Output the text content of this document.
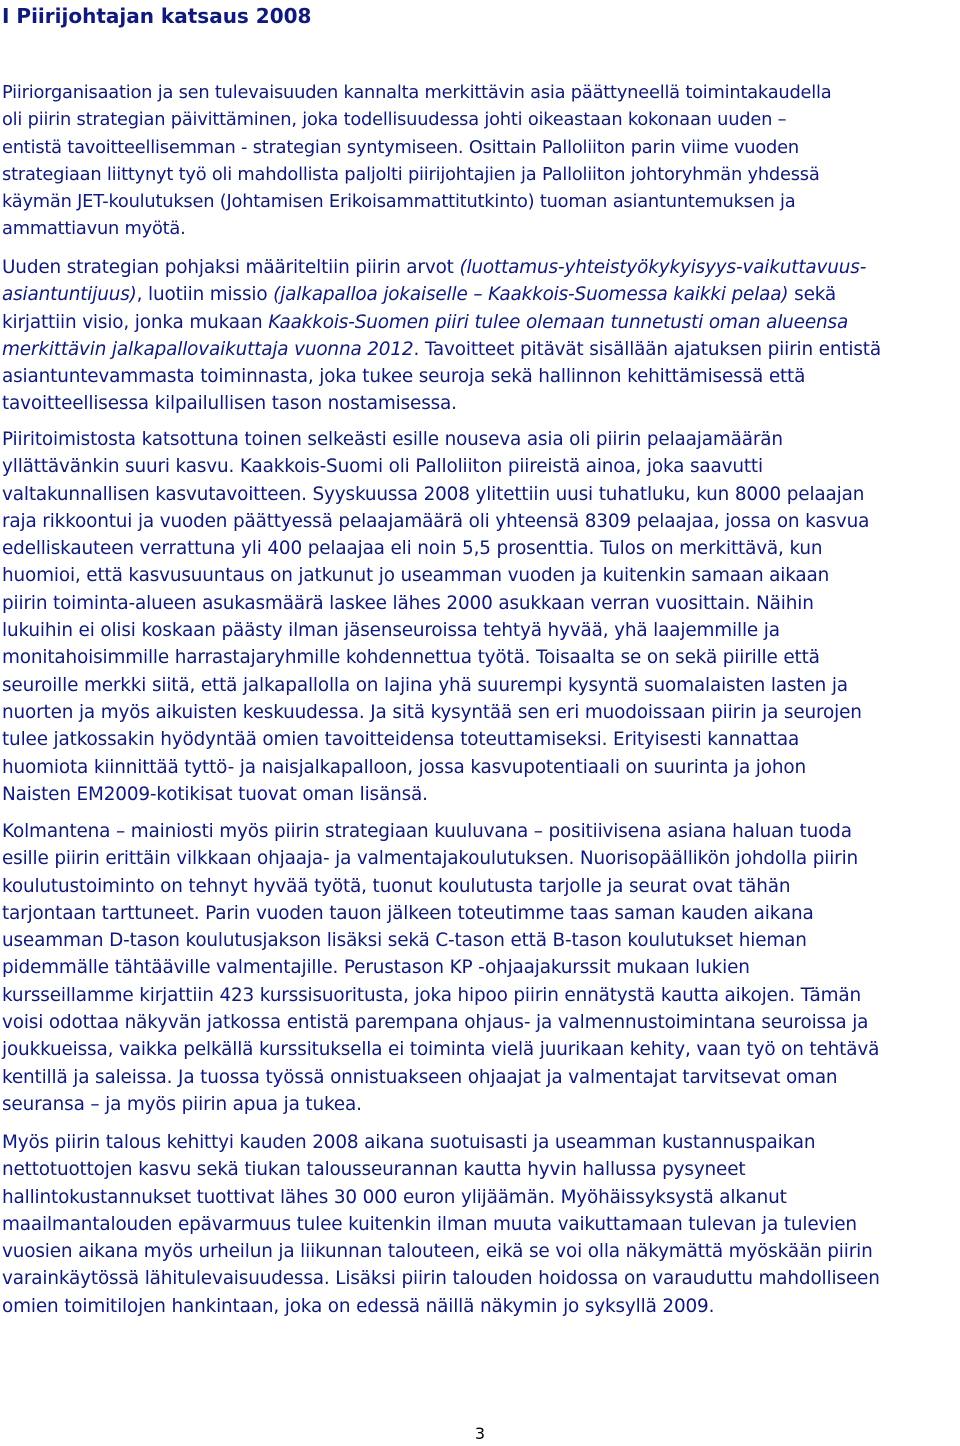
I Piirijohtajan katsaus 2008
Piiriorganisaation ja sen tulevaisuuden kannalta merkittävin asia päättyneellä toimintakaudella
oli piirin strategian päivittäminen, joka todellisuudessa johti oikeastaan kokonaan uuden –
entistä tavoitteellisemman - strategian syntymiseen. Osittain Palloliiton parin viime vuoden
strategiaan liittynyt työ oli mahdollista paljolti piirijohtajien ja Palloliiton johtoryhmän yhdessä
käymän JET-koulutuksen (Johtamisen Erikoisammattitutkinto) tuoman asiantuntemuksen ja
ammattiavun myötä.
Uuden strategian pohjaksi määriteltiin piirin arvot (luottamus-yhteistyökykyisyys-vaikuttavuus-
asiantuntijuus), luotiin missio (jalkapalloa jokaiselle – Kaakkois-Suomessa kaikki pelaa) sekä
kirjattiin visio, jonka mukaan Kaakkois-Suomen piiri tulee olemaan tunnetusti oman alueensa
merkittävin jalkapallovaikuttaja vuonna 2012. Tavoitteet pitävät sisällään ajatuksen piirin entistä
asiantuntevammasta toiminnasta, joka tukee seuroja sekä hallinnon kehittämisessä että
tavoitteellisessa kilpailullisen tason nostamisessa.
Piiritoimistosta katsottuna toinen selkeästi esille nouseva asia oli piirin pelaajamäärän
yllättävänkin suuri kasvu. Kaakkois-Suomi oli Palloliiton piireistä ainoa, joka saavutti
valtakunnallisen kasvutavoitteen. Syyskuussa 2008 ylitettiin uusi tuhatluku, kun 8000 pelaajan
raja rikkoontui ja vuoden päättyessä pelaajamäärä oli yhteensä 8309 pelaajaa, jossa on kasvua
edelliskauteen verrattuna yli 400 pelaajaa eli noin 5,5 prosenttia. Tulos on merkittävä, kun
huomioi, että kasvusuuntaus on jatkunut jo useamman vuoden ja kuitenkin samaan aikaan
piirin toiminta-alueen asukasmäärä laskee lähes 2000 asukkaan verran vuosittain. Näihin
lukuihin ei olisi koskaan päästy ilman jäsenseuroissa tehtyä hyvää, yhä laajemmille ja
monitahoisimmille harrastajaryhmille kohdennettua työtä. Toisaalta se on sekä piirille että
seuroille merkki siitä, että jalkapallolla on lajina yhä suurempi kysyntä suomalaisten lasten ja
nuorten ja myös aikuisten keskuudessa. Ja sitä kysyntää sen eri muodoissaan piirin ja seurojen
tulee jatkossakin hyödyntää omien tavoitteidensa toteuttamiseksi. Erityisesti kannattaa
huomiota kiinnittää tyttö- ja naisjalkapalloon, jossa kasvupotentiaali on suurinta ja johon
Naisten EM2009-kotikisat tuovat oman lisänsä.
Kolmantena – mainiosti myös piirin strategiaan kuuluvana – positiivisena asiana haluan tuoda
esille piirin erittäin vilkkaan ohjaaja- ja valmentajakoulutuksen. Nuorisopäällikön johdolla piirin
koulutustoiminto on tehnyt hyvää työtä, tuonut koulutusta tarjolle ja seurat ovat tähän
tarjontaan tarttuneet. Parin vuoden tauon jälkeen toteutimme taas saman kauden aikana
useamman D-tason koulutusjakson lisäksi sekä C-tason että B-tason koulutukset hieman
pidemmälle tähtääville valmentajille. Perustason KP -ohjaajakurssit mukaan lukien
kursseillamme kirjattiin 423 kurssisuoritusta, joka hipoo piirin ennätystä kautta aikojen. Tämän
voisi odottaa näkyvän jatkossa entistä parempana ohjaus- ja valmennustoimintana seuroissa ja
joukkueissa, vaikka pelkällä kurssituksella ei toiminta vielä juurikaan kehity, vaan työ on tehtävä
kentillä ja saleissa. Ja tuossa työssä onnistuakseen ohjaajat ja valmentajat tarvitsevat oman
seuransa – ja myös piirin apua ja tukea.
Myös piirin talous kehittyi kauden 2008 aikana suotuisasti ja useamman kustannuspaikan
nettotuottojen kasvu sekä tiukan talousseurannan kautta hyvin hallussa pysyneet
hallintokustannukset tuottivat lähes 30 000 euron ylijäämän. Myöhäissyksystä alkanut
maailmantalouden epävarmuus tulee kuitenkin ilman muuta vaikuttamaan tulevan ja tulevien
vuosien aikana myös urheilun ja liikunnan talouteen, eikä se voi olla näkymättä myöskään piirin
varainkäytössä lähitulevaisuudessa. Lisäksi piirin talouden hoidossa on varauduttu mahdolliseen
omien toimitilojen hankintaan, joka on edessä näillä näkymin jo syksyllä 2009.
3
